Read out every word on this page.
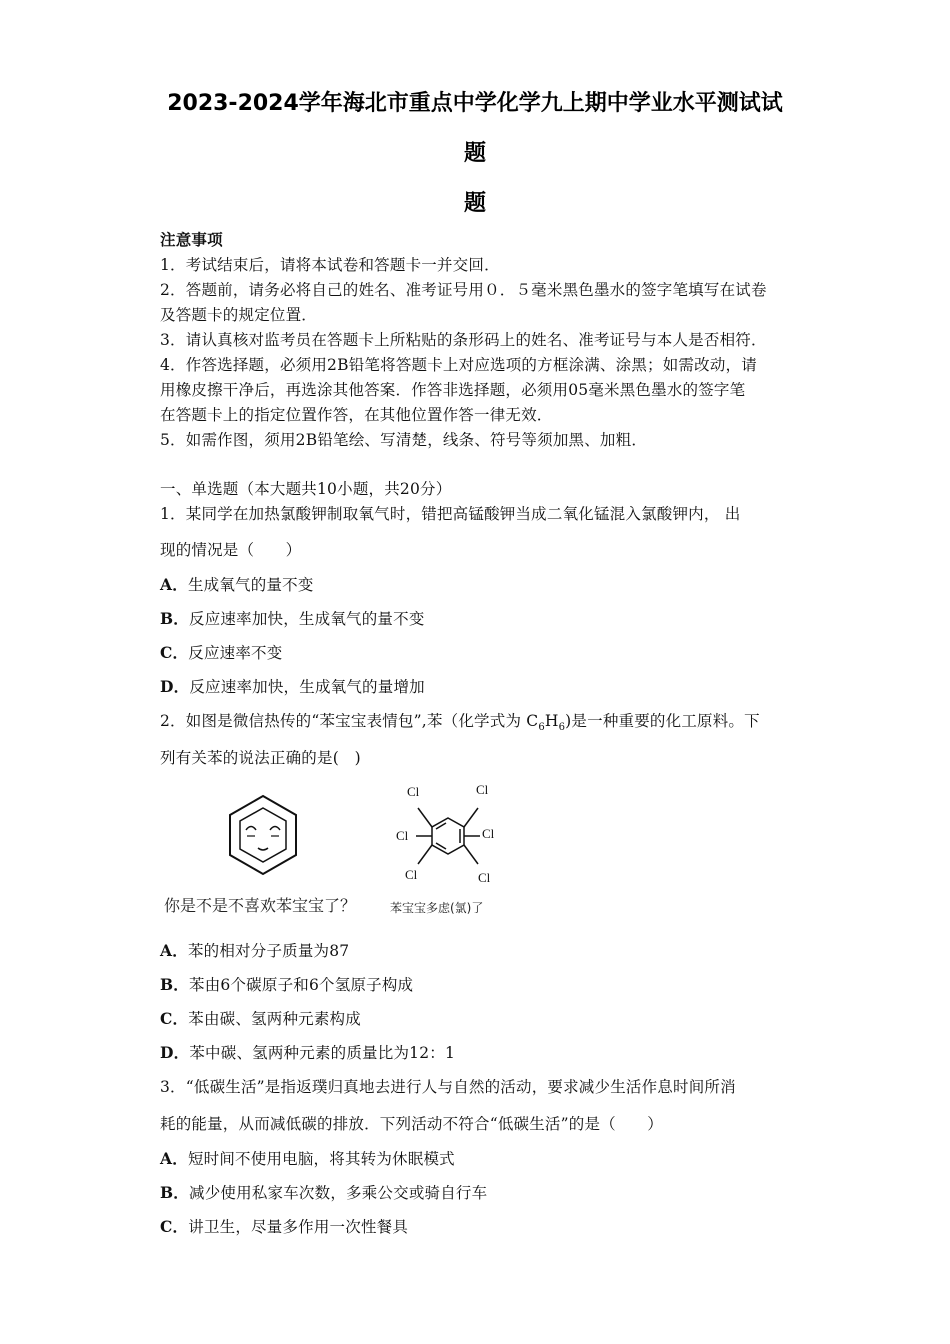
2023-2024学年海北市重点中学化学九上期中学业水平测试试
题
题
注意事项
1．考试结束后，请将本试卷和答题卡一并交回．
2．答题前，请务必将自己的姓名、准考证号用０．５毫米黑色墨水的签字笔填写在试卷
及答题卡的规定位置．
3．请认真核对监考员在答题卡上所粘贴的条形码上的姓名、准考证号与本人是否相符．
4．作答选择题，必须用2B铅笔将答题卡上对应选项的方框涂满、涂黑；如需改动，请
用橡皮擦干净后，再选涂其他答案．作答非选择题，必须用05毫米黑色墨水的签字笔
在答题卡上的指定位置作答，在其他位置作答一律无效．
5．如需作图，须用2B铅笔绘、写清楚，线条、符号等须加黑、加粗．
一、单选题（本大题共10小题，共20分）
1．某同学在加热氯酸钾制取氧气时，错把高锰酸钾当成二氧化锰混入氯酸钾内， 出
现的情况是（　　）
A．生成氧气的量不变
B．反应速率加快，生成氧气的量不变
C．反应速率不变
D．反应速率加快，生成氧气的量增加
2．如图是微信热传的“苯宝宝表情包”,苯（化学式为 $C_6H_6$)是一种重要的化工原料。下
列有关苯的说法正确的是(　)
Cl	Cl
Cl	Cl
Cl	Cl
你是不是不喜欢苯宝宝了？	苯宝宝多虑(氯)了
A．苯的相对分子质量为87
B．苯由6个碳原子和6个氢原子构成
C．苯由碳、氢两种元素构成
D．苯中碳、氢两种元素的质量比为12：1
3．“低碳生活”是指返璞归真地去进行人与自然的活动，要求减少生活作息时间所消
耗的能量，从而减低碳的排放．下列活动不符合“低碳生活”的是（　　）
A．短时间不使用电脑，将其转为休眠模式
B．减少使用私家车次数，多乘公交或骑自行车
C．讲卫生，尽量多作用一次性餐具
